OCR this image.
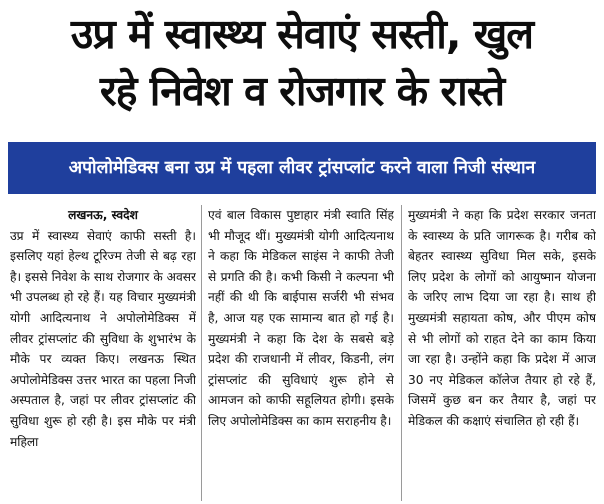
उप्र में स्वास्थ्य सेवाएं सस्ती, खुल
रहे निवेश व रोजगार के रास्ते
अपोलोमेडिक्स बना उप्र में पहला लीवर ट्रांसप्लांट करने वाला निजी संस्थान
लखनऊ, स्वदेश

उप्र में स्वास्थ्य सेवाएं काफी सस्ती है। इसलिए यहां हेल्थ टूरिज्म तेजी से बढ़ रहा है। इससे निवेश के साथ रोजगार के अवसर भी उपलब्ध हो रहे हैं। यह विचार मुख्यमंत्री योगी आदित्यनाथ ने अपोलोमेडिक्स में लीवर ट्रांसप्लांट की सुविधा के शुभारंभ के मौके पर व्यक्त किए। लखनऊ स्थित अपोलोमेडिक्स उत्तर भारत का पहला निजी अस्पताल है, जहां पर लीवर ट्रांसप्लांट की सुविधा शुरू हो रही है। इस मौके पर मंत्री महिला

एवं बाल विकास पुष्टाहार मंत्री स्वाति सिंह भी मौजूद थीं। मुख्यमंत्री योगी आदित्यनाथ ने कहा कि मेडिकल साइंस ने काफी तेजी से प्रगति की है। कभी किसी ने कल्पना भी नहीं की थी कि बाईपास सर्जरी भी संभव है, आज यह एक सामान्य बात हो गई है। मुख्यमंत्री ने कहा कि देश के सबसे बड़े प्रदेश की राजधानी में लीवर, किडनी, लंग ट्रांसप्लांट की सुविधाएं शुरू होने से आमजन को काफी सहूलियत होगी। इसके लिए अपोलोमेडिक्स का काम सराहनीय है।

मुख्यमंत्री ने कहा कि प्रदेश सरकार जनता के स्वास्थ्य के प्रति जागरूक है। गरीब को बेहतर स्वास्थ्य सुविधा मिल सके, इसके लिए प्रदेश के लोगों को आयुष्मान योजना के जरिए लाभ दिया जा रहा है। साथ ही मुख्यमंत्री सहायता कोष, और पीएम कोष से भी लोगों को राहत देने का काम किया जा रहा है। उन्होंने कहा कि प्रदेश में आज 30 नए मेडिकल कॉलेज तैयार हो रहे हैं, जिसमें कुछ बन कर तैयार है, जहां पर मेडिकल की कक्षाएं संचालित हो रही हैं।
